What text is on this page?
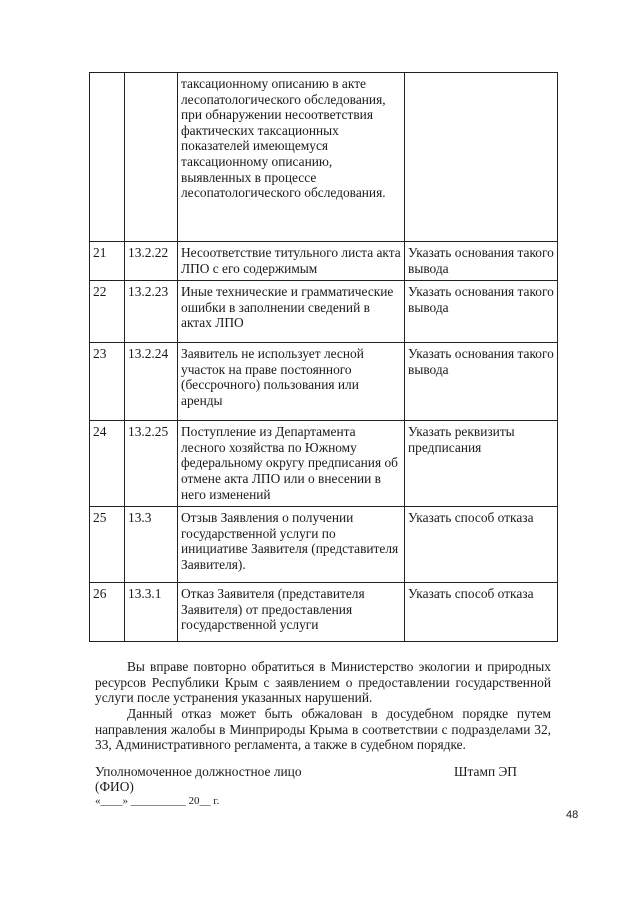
		таксационному описанию в акте лесопатологического обследования, при обнаружении несоответствия фактических таксационных показателей имеющемуся таксационному описанию, выявленных в процессе лесопатологического обследования.	
21	13.2.22	Несоответствие титульного листа акта ЛПО с его содержимым	Указать основания такого вывода
22	13.2.23	Иные технические и грамматические ошибки в заполнении сведений в актах ЛПО	Указать основания такого вывода
23	13.2.24	Заявитель не использует лесной участок на праве постоянного (бессрочного) пользования или аренды	Указать основания такого вывода
24	13.2.25	Поступление из Департамента лесного хозяйства по Южному федеральному округу предписания об отмене акта ЛПО или о внесении в него изменений	Указать реквизиты предписания
25	13.3	Отзыв Заявления о получении государственной услуги по инициативе Заявителя (представителя Заявителя).	Указать способ отказа
26	13.3.1	Отказ Заявителя (представителя Заявителя) от предоставления государственной услуги	Указать способ отказа

Вы вправе повторно обратиться в Министерство экологии и природных ресурсов Республики Крым с заявлением о предоставлении государственной услуги после устранения указанных нарушений.

Данный отказ может быть обжалован в досудебном порядке путем направления жалобы в Минприроды Крыма в соответствии с подразделами 32, 33, Административного регламента, а также в судебном порядке.

Уполномоченное должностное лицо	Штамп ЭП
(ФИО)
«____» __________ 20__ г.
48
